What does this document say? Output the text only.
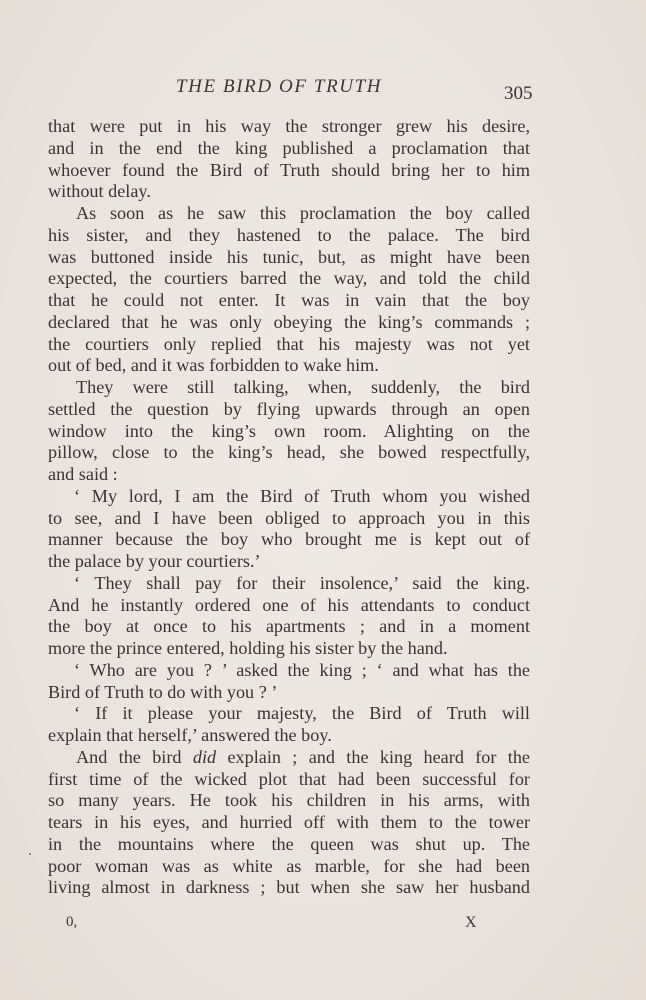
THE BIRD OF TRUTH	305
that were put in his way the stronger grew his desire,
and in the end the king published a proclamation that
whoever found the Bird of Truth should bring her to him
without delay.
As soon as he saw this proclamation the boy called
his sister, and they hastened to the palace. The bird
was buttoned inside his tunic, but, as might have been
expected, the courtiers barred the way, and told the child
that he could not enter. It was in vain that the boy
declared that he was only obeying the king’s commands ;
the courtiers only replied that his majesty was not yet
out of bed, and it was forbidden to wake him.
They were still talking, when, suddenly, the bird
settled the question by flying upwards through an open
window into the king’s own room. Alighting on the
pillow, close to the king’s head, she bowed respectfully,
and said :
‘ My lord, I am the Bird of Truth whom you wished
to see, and I have been obliged to approach you in this
manner because the boy who brought me is kept out of
the palace by your courtiers.’
‘ They shall pay for their insolence,’ said the king.
And he instantly ordered one of his attendants to conduct
the boy at once to his apartments ; and in a moment
more the prince entered, holding his sister by the hand.
‘ Who are you ? ’ asked the king ; ‘ and what has the
Bird of Truth to do with you ? ’
‘ If it please your majesty, the Bird of Truth will
explain that herself,’ answered the boy.
And the bird did explain ; and the king heard for the
first time of the wicked plot that had been successful for
so many years. He took his children in his arms, with
tears in his eyes, and hurried off with them to the tower
in the mountains where the queen was shut up. The
poor woman was as white as marble, for she had been
living almost in darkness ; but when she saw her husband
0,	X
